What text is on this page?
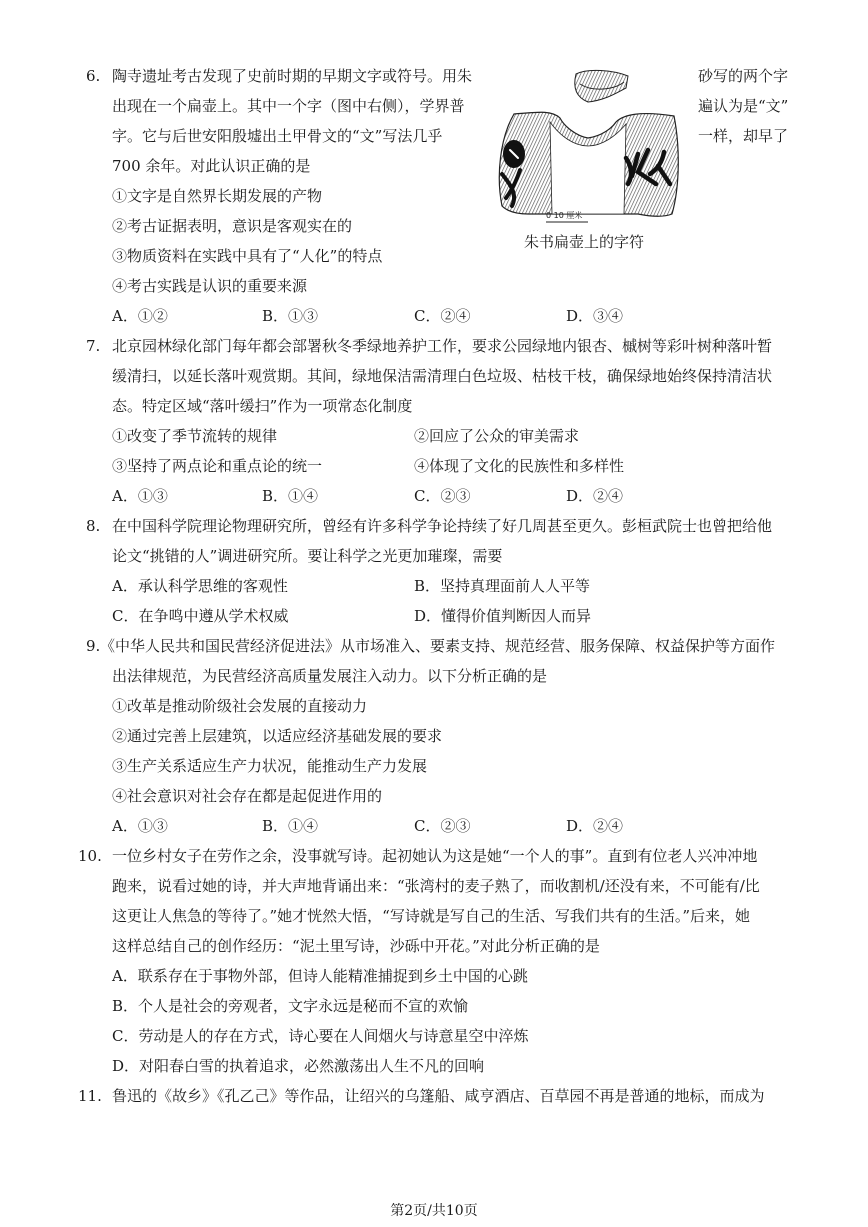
6. 陶寺遗址考古发现了史前时期的早期文字或符号。用朱	砂写的两个字
出现在一个扁壶上。其中一个字（图中右侧），学界普	遍认为是“文”
字。它与后世安阳殷墟出土甲骨文的“文”写法几乎	一样，却早了
700 余年。对此认识正确的是
①文字是自然界长期发展的产物
②考古证据表明，意识是客观实在的
③物质资料在实践中具有了“人化”的特点
④考古实践是认识的重要来源
A．①②	B．①③	C．②④	D．③④
0 10 厘米
朱书扁壶上的字符
7. 北京园林绿化部门每年都会部署秋冬季绿地养护工作，要求公园绿地内银杏、槭树等彩叶树种落叶暂
缓清扫，以延长落叶观赏期。其间，绿地保洁需清理白色垃圾、枯枝干枝，确保绿地始终保持清洁状
态。特定区域“落叶缓扫”作为一项常态化制度
①改变了季节流转的规律	②回应了公众的审美需求
③坚持了两点论和重点论的统一	④体现了文化的民族性和多样性
A．①③	B．①④	C．②③	D．②④
8. 在中国科学院理论物理研究所，曾经有许多科学争论持续了好几周甚至更久。彭桓武院士也曾把给他
论文“挑错的人”调进研究所。要让科学之光更加璀璨，需要
A．承认科学思维的客观性	B．坚持真理面前人人平等
C．在争鸣中遵从学术权威	D．懂得价值判断因人而异
9. 《中华人民共和国民营经济促进法》从市场准入、要素支持、规范经营、服务保障、权益保护等方面作
出法律规范，为民营经济高质量发展注入动力。以下分析正确的是
①改革是推动阶级社会发展的直接动力
②通过完善上层建筑，以适应经济基础发展的要求
③生产关系适应生产力状况，能推动生产力发展
④社会意识对社会存在都是起促进作用的
A．①③	B．①④	C．②③	D．②④
10. 一位乡村女子在劳作之余，没事就写诗。起初她认为这是她“一个人的事”。直到有位老人兴冲冲地
跑来，说看过她的诗，并大声地背诵出来：“张湾村的麦子熟了，而收割机/还没有来，不可能有/比
这更让人焦急的等待了。”她才恍然大悟，“写诗就是写自己的生活、写我们共有的生活。”后来，她
这样总结自己的创作经历：“泥土里写诗，沙砾中开花。”对此分析正确的是
A．联系存在于事物外部，但诗人能精准捕捉到乡土中国的心跳
B．个人是社会的旁观者，文字永远是秘而不宣的欢愉
C．劳动是人的存在方式，诗心要在人间烟火与诗意星空中淬炼
D．对阳春白雪的执着追求，必然激荡出人生不凡的回响
11. 鲁迅的《故乡》《孔乙己》等作品，让绍兴的乌篷船、咸亨酒店、百草园不再是普通的地标，而成为
第2页/共10页
